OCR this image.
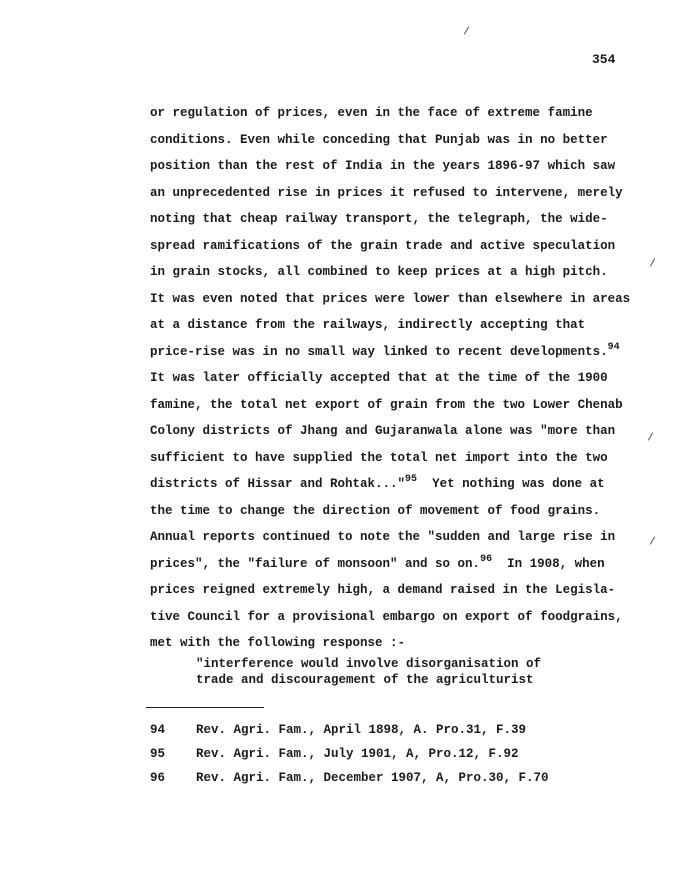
354
or regulation of prices, even in the face of extreme famine
conditions. Even while conceding that Punjab was in no better
position than the rest of India in the years 1896-97 which saw
an unprecedented rise in prices it refused to intervene, merely
noting that cheap railway transport, the telegraph, the wide-
spread ramifications of the grain trade and active speculation
in grain stocks, all combined to keep prices at a high pitch.
It was even noted that prices were lower than elsewhere in areas
at a distance from the railways, indirectly accepting that
price-rise was in no small way linked to recent developments.$^{94}$
It was later officially accepted that at the time of the 1900
famine, the total net export of grain from the two Lower Chenab
Colony districts of Jhang and Gujaranwala alone was "more than
sufficient to have supplied the total net import into the two
districts of Hissar and Rohtak..."$^{95}$  Yet nothing was done at
the time to change the direction of movement of food grains.
Annual reports continued to note the "sudden and large rise in
prices", the "failure of monsoon" and so on.$^{96}$  In 1908, when
prices reigned extremely high, a demand raised in the Legisla-
tive Council for a provisional embargo on export of foodgrains,
met with the following response :-
"interference would involve disorganisation of
trade and discouragement of the agriculturist
94	Rev. Agri. Fam., April 1898, A. Pro.31, F.39
95	Rev. Agri. Fam., July 1901, A, Pro.12, F.92
96	Rev. Agri. Fam., December 1907, A, Pro.30, F.70
